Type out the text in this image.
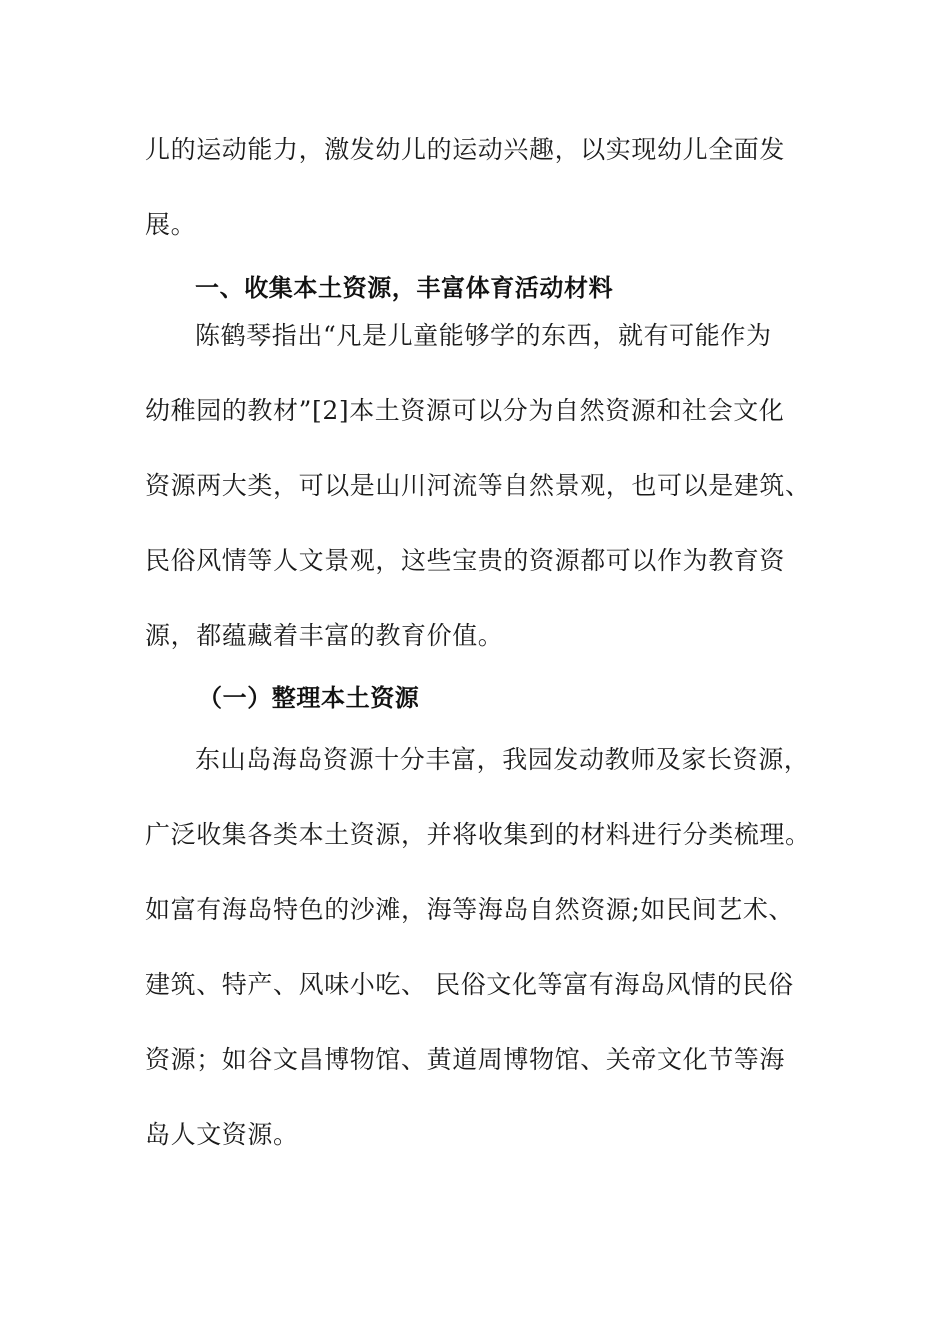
儿的运动能力，激发幼儿的运动兴趣，以实现幼儿全面发
展。
一、收集本土资源，丰富体育活动材料
陈鹤琴指出“凡是儿童能够学的东西，就有可能作为
幼稚园的教材”[2]本土资源可以分为自然资源和社会文化
资源两大类，可以是山川河流等自然景观，也可以是建筑、
民俗风情等人文景观，这些宝贵的资源都可以作为教育资
源，都蕴藏着丰富的教育价值。
（一）整理本土资源
东山岛海岛资源十分丰富，我园发动教师及家长资源，
广泛收集各类本土资源，并将收集到的材料进行分类梳理。
如富有海岛特色的沙滩，海等海岛自然资源;如民间艺术、
建筑、特产、风味小吃、 民俗文化等富有海岛风情的民俗
资源；如谷文昌博物馆、黄道周博物馆、关帝文化节等海
岛人文资源。
